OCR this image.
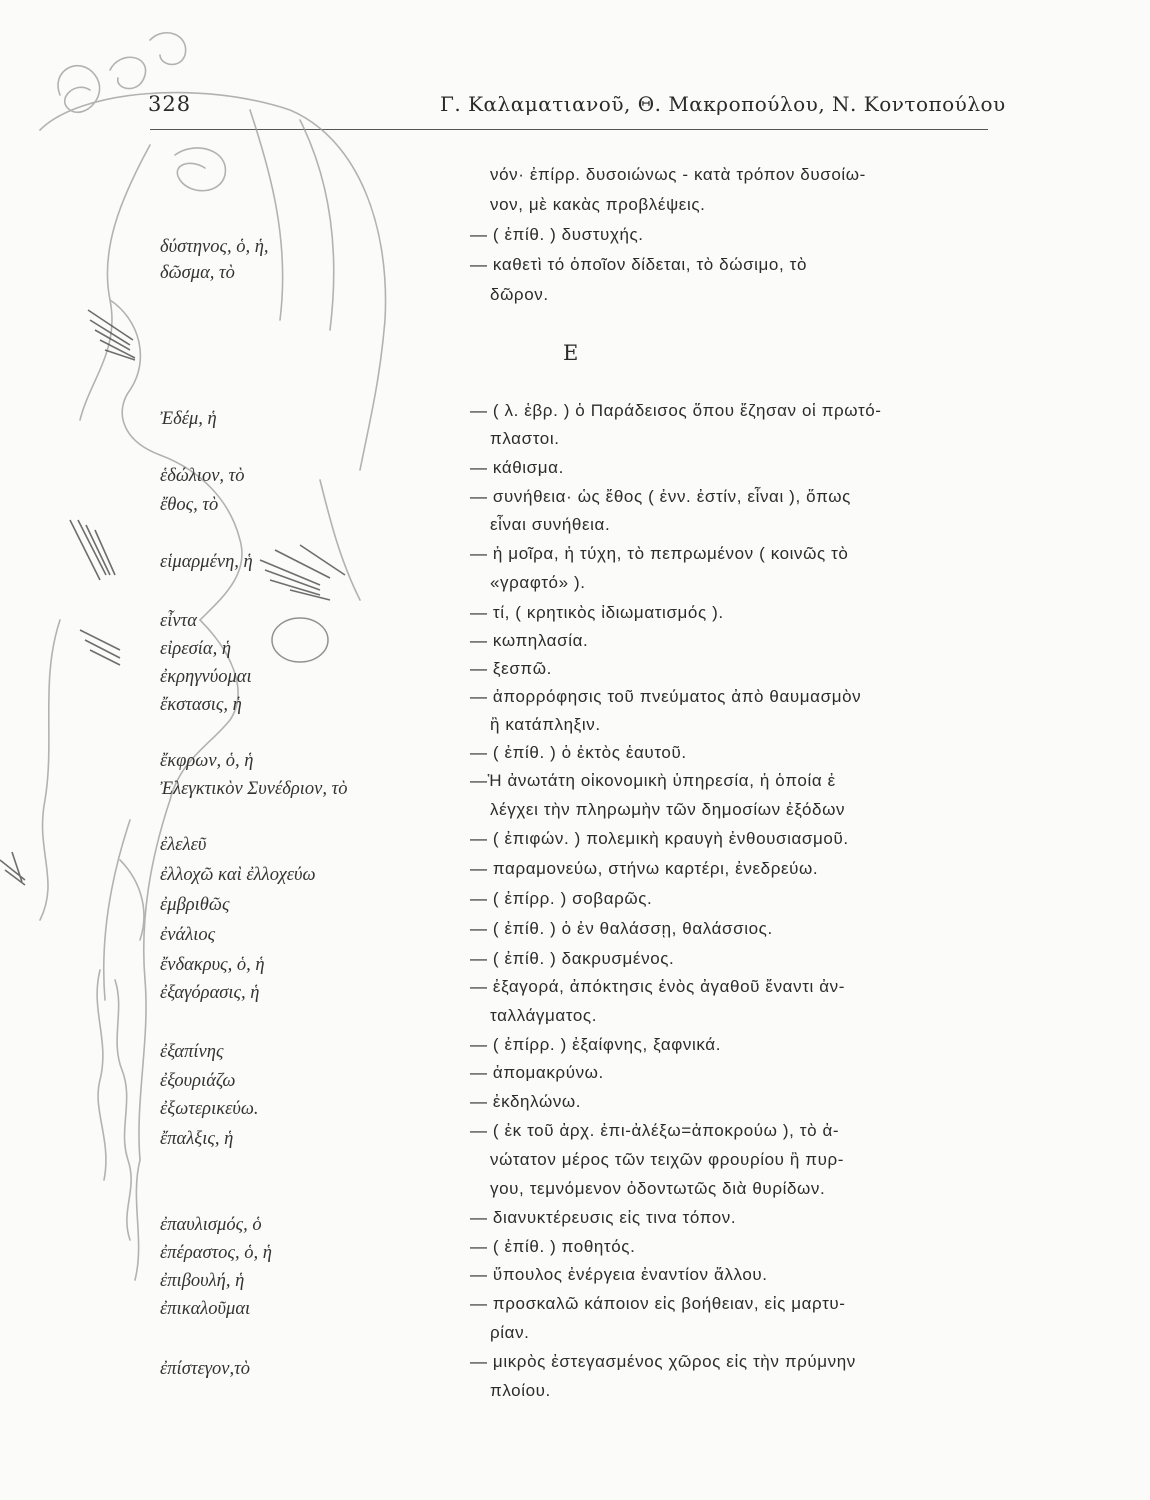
328	Γ. Καλαματιανοῦ, Θ. Μακροπούλου, Ν. Κοντοπούλου
δύστηνος, ὁ, ἡ,
δῶσμα, τὸ
Ἐδέμ, ἡ
ἑδώλιον, τὸ
ἔθος, τὸ
εἱμαρμένη, ἡ
εἶντα
εἰρεσία, ἡ
ἐκρηγνύομαι
ἔκστασις, ἡ
ἔκφρων, ὁ, ἡ
Ἐλεγκτικὸν Συνέδριον, τὸ
ἐλελεῦ
ἐλλοχῶ καὶ ἐλλοχεύω
ἐμβριθῶς
ἐνάλιος
ἔνδακρυς, ὁ, ἡ
ἐξαγόρασις, ἡ
ἐξαπίνης
ἐξουριάζω
ἐξωτερικεύω.
ἔπαλξις, ἡ
ἐπαυλισμός, ὁ
ἐπέραστος, ὁ, ἡ
ἐπιβουλή, ἡ
ἐπικαλοῦμαι
ἐπίστεγον,τὸ
Ε
νόν· ἐπίρρ. δυσοιώνως - κατὰ τρόπον δυσοίω-
νον, μὲ κακὰς προβλέψεις.
— ( ἐπίθ. ) δυστυχής.
— καθετὶ τό ὁποῖον δίδεται, τὸ δώσιμο, τὸ
δῶρον.
— ( λ. ἑβρ. ) ὁ Παράδεισος ὅπου ἔζησαν οἱ πρωτό-
πλαστοι.
— κάθισμα.
— συνήθεια· ὡς ἔθος ( ἐνν. ἐστίν, εἶναι ), ὅπως
εἶναι συνήθεια.
— ἡ μοῖρα, ἡ τύχη, τὸ πεπρωμένον ( κοινῶς τὸ
«γραφτό» ).
— τί, ( κρητικὸς ἰδιωματισμός ).
— κωπηλασία.
— ξεσπῶ.
— ἀπορρόφησις τοῦ πνεύματος ἀπὸ θαυμασμὸν
ἢ κατάπληξιν.
— ( ἐπίθ. ) ὁ ἐκτὸς ἑαυτοῦ.
—Ἡ ἀνωτάτη οἰκονομικὴ ὑπηρεσία, ἡ ὁποία ἐ
λέγχει τὴν πληρωμὴν τῶν δημοσίων ἐξόδων
— ( ἐπιφών. ) πολεμικὴ κραυγὴ ἐνθουσιασμοῦ.
— παραμονεύω, στήνω καρτέρι, ἐνεδρεύω.
— ( ἐπίρρ. ) σοβαρῶς.
— ( ἐπίθ. ) ὁ ἐν θαλάσσῃ, θαλάσσιος.
— ( ἐπίθ. ) δακρυσμένος.
— ἐξαγορά, ἀπόκτησις ἑνὸς ἀγαθοῦ ἔναντι ἀν-
ταλλάγματος.
— ( ἐπίρρ. ) ἐξαίφνης, ξαφνικά.
— ἀπομακρύνω.
— ἐκδηλώνω.
— ( ἐκ τοῦ ἀρχ. ἐπι-ἀλέξω=ἀποκρούω ), τὸ ἀ-
νώτατον μέρος τῶν τειχῶν φρουρίου ἢ πυρ-
γου, τεμνόμενον ὀδοντωτῶς διὰ θυρίδων.
— διανυκτέρευσις εἰς τινα τόπον.
— ( ἐπίθ. ) ποθητός.
— ὕπουλος ἐνέργεια ἐναντίον ἄλλου.
— προσκαλῶ κάποιον εἰς βοήθειαν, εἰς μαρτυ-
ρίαν.
— μικρὸς ἐστεγασμένος χῶρος εἰς τὴν πρύμνην
πλοίου.
